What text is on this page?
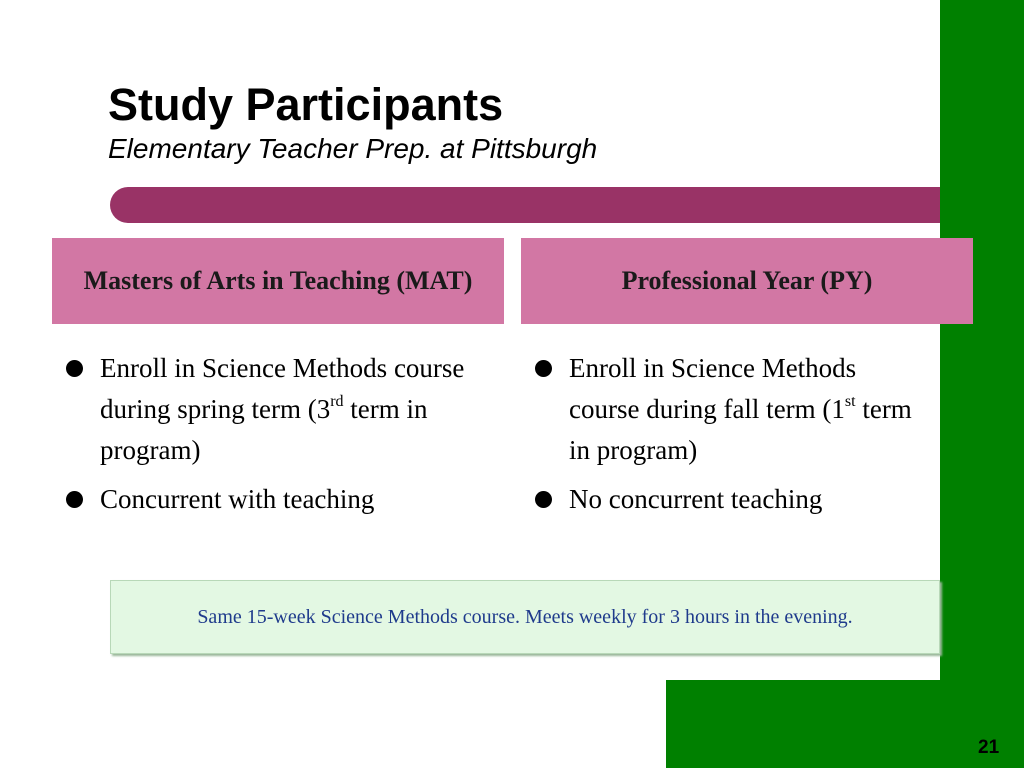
Study Participants

Elementary Teacher Prep. at Pittsburgh

Masters of Arts in Teaching (MAT)	Professional Year (PY)
Enroll in Science Methods course during spring term (3rd term in program)
Concurrent with teaching
Enroll in Science Methods course during fall term (1st term in program)
No concurrent teaching
Same 15-week Science Methods course. Meets weekly for 3 hours in the evening.
21
